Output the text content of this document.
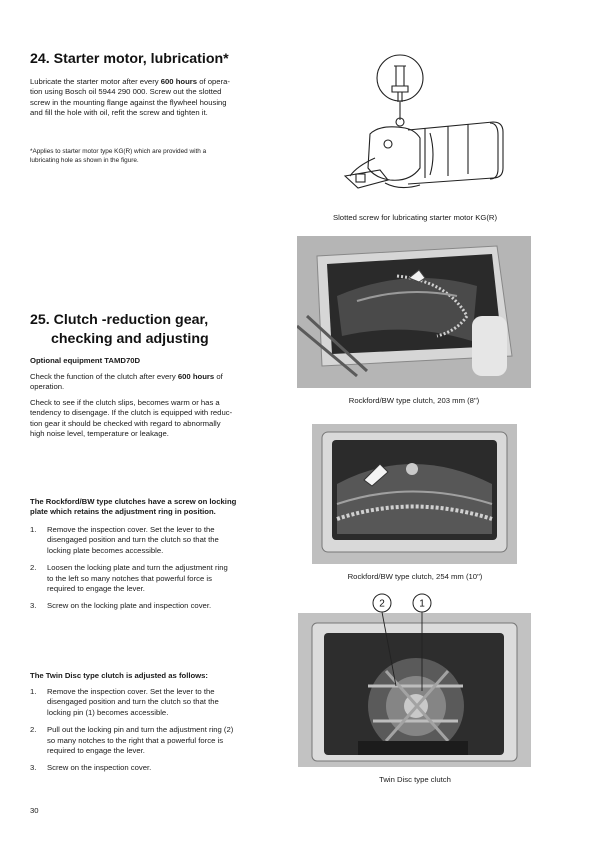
24. Starter motor, lubrication*
Lubricate the starter motor after every 600 hours of opera-
tion using Bosch oil 5944 290 000. Screw out the slotted
screw in the mounting flange against the flywheel housing
and fill the hole with oil, refit the screw and tighten it.
*Applies to starter motor type KG(R) which are provided with a
lubricating hole as shown in the figure.
Slotted screw for lubricating starter motor KG(R)
25. Clutch -reduction gear,
checking and adjusting
Optional equipment TAMD70D
Check the function of the clutch after every 600 hours of
operation.
Check to see if the clutch slips, becomes warm or has a
tendency to disengage. If the clutch is equipped with reduc-
tion gear it should be checked with regard to abnormally
high noise level, temperature or leakage.
The Rockford/BW type clutches have a screw on locking
plate which retains the adjustment ring in position.
1. Remove the inspection cover. Set the lever to the
disengaged position and turn the clutch so that the
locking plate becomes accessible.
2. Loosen the locking plate and turn the adjustment ring
to the left so many notches that powerful force is
required to engage the lever.
3. Screw on the locking plate and inspection cover.
The Twin Disc type clutch is adjusted as follows:
1. Remove the inspection cover. Set the lever to the
disengaged position and turn the clutch so that the
locking pin (1) becomes accessible.
2. Pull out the locking pin and turn the adjustment ring (2)
so many notches to the right that a powerful force is
required to engage the lever.
3. Screw on the inspection cover.
Rockford/BW type clutch, 203 mm (8")
Rockford/BW type clutch, 254 mm (10")
2	1
Twin Disc type clutch
30
